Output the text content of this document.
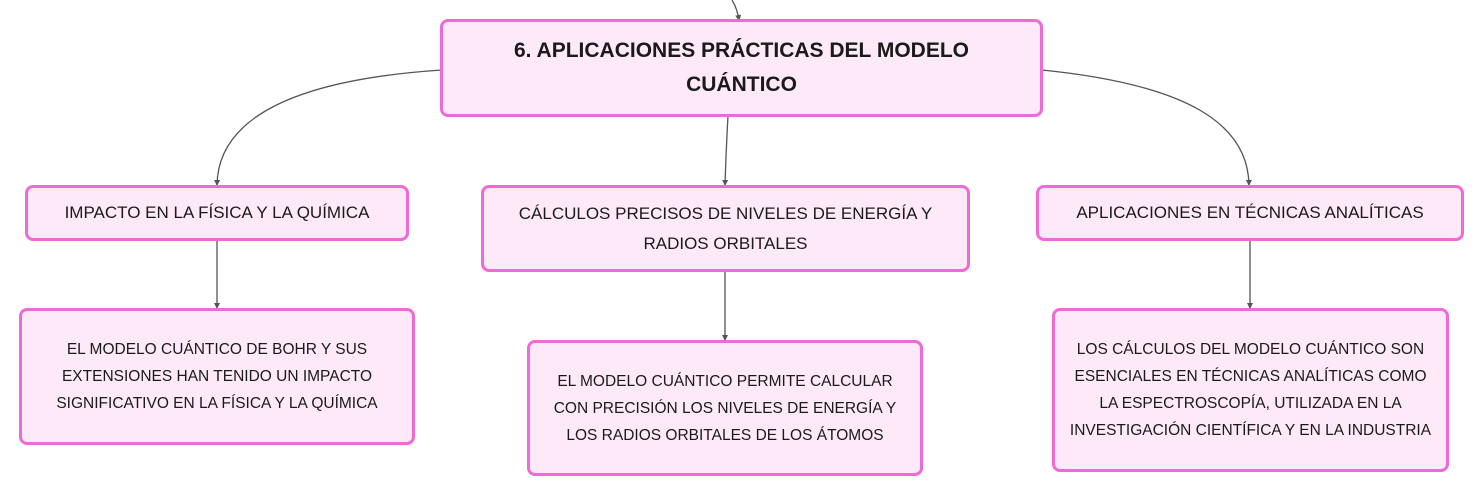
6. APLICACIONES PRÁCTICAS DEL MODELO CUÁNTICO
IMPACTO EN LA FÍSICA Y LA QUÍMICA	CÁLCULOS PRECISOS DE NIVELES DE ENERGÍA Y RADIOS ORBITALES
APLICACIONES EN TÉCNICAS ANALÍTICAS
EL MODELO CUÁNTICO DE BOHR Y SUS EXTENSIONES HAN TENIDO UN IMPACTO SIGNIFICATIVO EN LA FÍSICA Y LA QUÍMICA
EL MODELO CUÁNTICO PERMITE CALCULAR CON PRECISIÓN LOS NIVELES DE ENERGÍA Y LOS RADIOS ORBITALES DE LOS ÁTOMOS
LOS CÁLCULOS DEL MODELO CUÁNTICO SON ESENCIALES EN TÉCNICAS ANALÍTICAS COMO LA ESPECTROSCOPÍA, UTILIZADA EN LA INVESTIGACIÓN CIENTÍFICA Y EN LA INDUSTRIA
